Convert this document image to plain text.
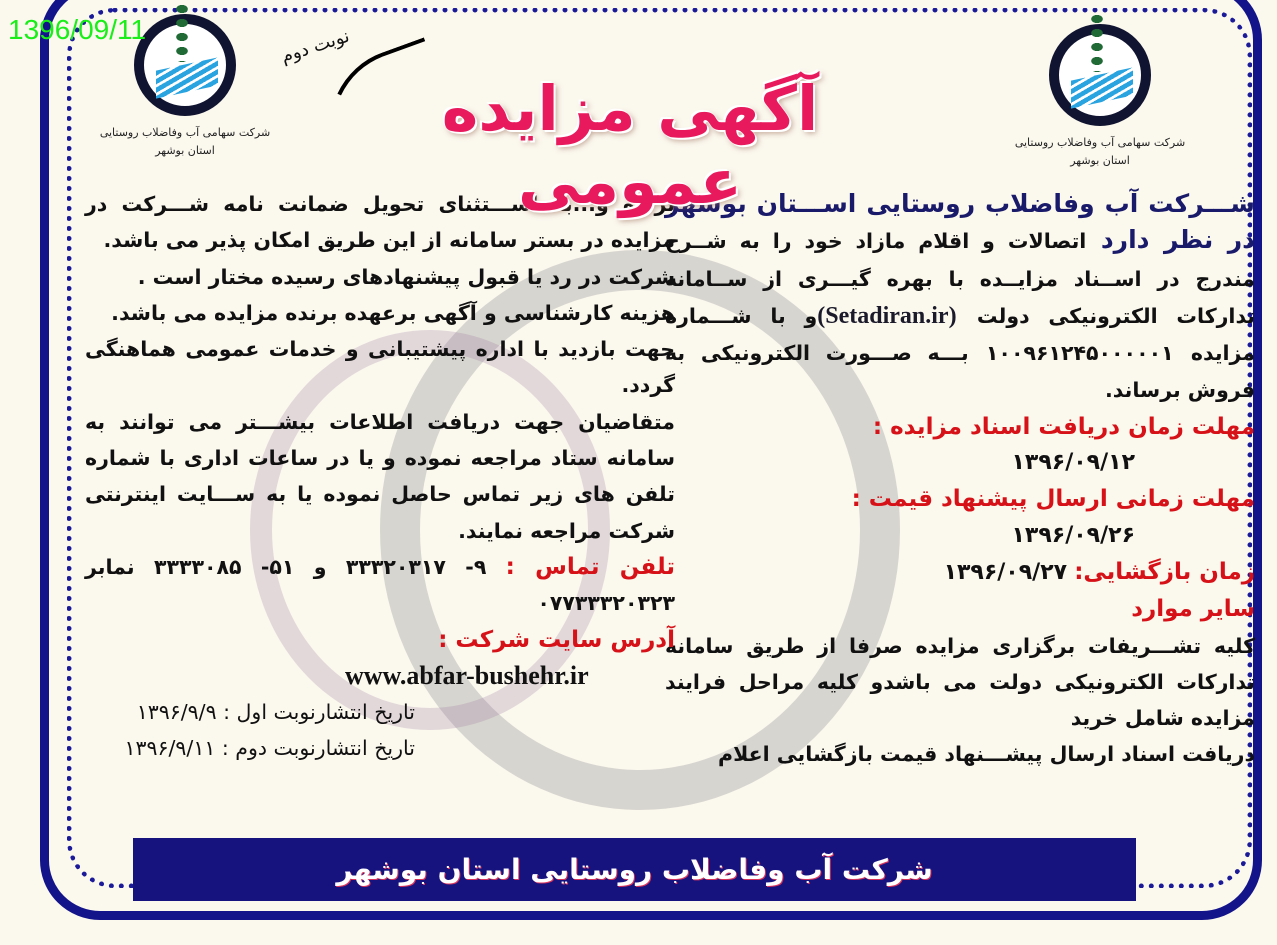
1396/09/11
شرکت سهامی آب وفاضلاب روستایی
استان بوشهر
شرکت سهامی آب وفاضلاب روستایی
استان بوشهر
نوبت دوم
آگهی مزایده عمومی

شـــرکت آب وفاضلاب روستایی اســـتان بوشهر در نظر دارد اتصالات و اقلام مازاد خود را به شــرح مندرج در اســناد مزایــده با بهره گیـــری از ســامانه تدارکات الکترونیکی دولت (Setadiran.ir)و با شـــماره مزایده ۱۰۰۹۶۱۲۴۵۰۰۰۰۰۱ بـــه صـــورت الکترونیکی به فروش برساند.

مهلت زمان دریافت اسناد مزایده :

۱۳۹۶/۰۹/۱۲

مهلت زمانی ارسال پیشنهاد قیمت :

۱۳۹۶/۰۹/۲۶

زمان بازگشایی: ۱۳۹۶/۰۹/۲۷

سایر موارد

کلیه تشـــریفات برگزاری مزایده صرفا از طریق سامانه تدارکات الکترونیکی دولت می باشدو کلیه مراحل فرایند مزایده شامل خرید

دریافت اسناد ارسال پیشـــنهاد قیمت بازگشایی اعلام

برنده و...به اســـتثنای تحویل ضمانت نامه شـــرکت در مزایده در بستر سامانه از این طریق امکان پذیر می باشد.

شرکت در رد یا قبول پیشنهادهای رسیده مختار است .

هزینه کارشناسی و آگهی برعهده برنده مزایده می باشد.

جهت بازدید با اداره پیشتیبانی و خدمات عمومی هماهنگی گردد.

متقاضیان جهت دریافت اطلاعات بیشـــتر می توانند به سامانه ستاد مراجعه نموده و یا در ساعات اداری با شماره تلفن های زیر تماس حاصل نموده یا به ســـایت اینترنتی شرکت مراجعه نمایند.

تلفن تماس : ۹- ۳۳۳۲۰۳۱۷ و ۵۱- ۳۳۳۳۰۸۵ نمابر ۰۷۷۳۳۳۲۰۳۲۳

آدرس سایت شرکت :

www.abfar-bushehr.ir

تاریخ انتشارنوبت اول : ۱۳۹۶/۹/۹

تاریخ انتشارنوبت دوم : ۱۳۹۶/۹/۱۱

شرکت آب وفاضلاب روستایی استان بوشهر
